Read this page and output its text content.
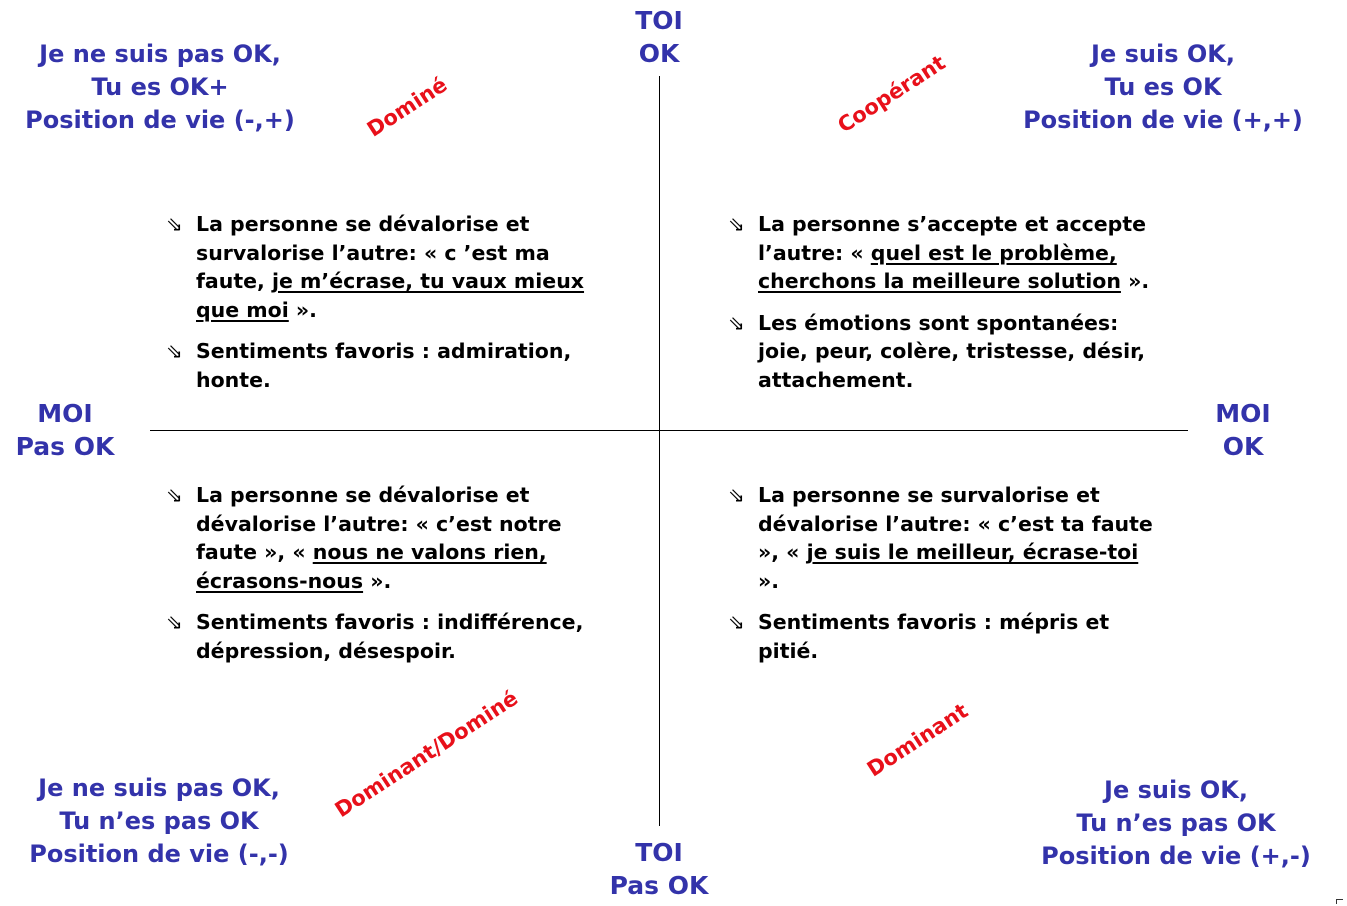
TOI
OK
TOI
Pas OK
MOI
Pas OK
MOI
OK
Je ne suis pas OK,
Tu es OK+
Position de vie (-,+)
Je suis OK,
Tu es OK
Position de vie (+,+)
Je ne suis pas OK,
Tu n’es pas OK
Position de vie (-,-)
Je suis OK,
Tu n’es pas OK
Position de vie (+,-)
Dominé	Coopérant
Dominant/Dominé	Dominant
⇘ La personne se dévalorise et survalorise l’autre: « c ’est ma faute, je m’écrase, tu vaux mieux que moi ».
⇘ Sentiments favoris : admiration, honte.
⇘ La personne s’accepte et accepte l’autre: « quel est le problème, cherchons la meilleure solution ».
⇘ Les émotions sont spontanées: joie, peur, colère, tristesse, désir, attachement.
⇘ La personne se dévalorise et dévalorise l’autre: « c’est notre faute », « nous ne valons rien, écrasons-nous ».
⇘ Sentiments favoris : indifférence, dépression, désespoir.
⇘ La personne se survalorise et dévalorise l’autre: « c’est ta faute », « je suis le meilleur, écrase-toi ».
⇘ Sentiments favoris : mépris et pitié.
